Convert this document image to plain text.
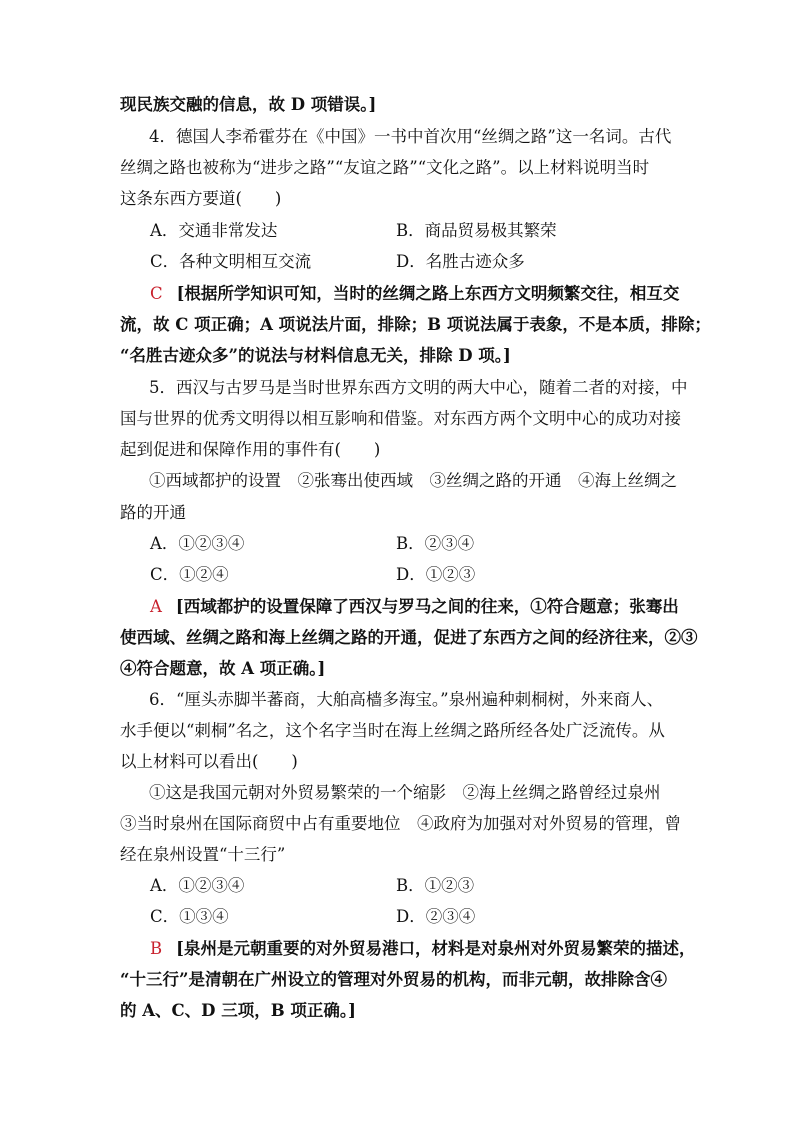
现民族交融的信息，故 D 项错误。]
4．德国人李希霍芬在《中国》一书中首次用“丝绸之路”这一名词。古代
丝绸之路也被称为“进步之路”“友谊之路”“文化之路”。以上材料说明当时
这条东西方要道(　　)
A．交通非常发达	B．商品贸易极其繁荣
C．各种文明相互交流	D．名胜古迹众多
C [根据所学知识可知，当时的丝绸之路上东西方文明频繁交往，相互交
流，故 C 项正确；A 项说法片面，排除；B 项说法属于表象，不是本质，排除；
“名胜古迹众多”的说法与材料信息无关，排除 D 项。]
5．西汉与古罗马是当时世界东西方文明的两大中心，随着二者的对接，中
国与世界的优秀文明得以相互影响和借鉴。对东西方两个文明中心的成功对接
起到促进和保障作用的事件有(　　)
①西域都护的设置　②张骞出使西域　③丝绸之路的开通　④海上丝绸之
路的开通
A．①②③④	B．②③④
C．①②④	D．①②③
A [西域都护的设置保障了西汉与罗马之间的往来，①符合题意；张骞出
使西域、丝绸之路和海上丝绸之路的开通，促进了东西方之间的经济往来，②③
④符合题意，故 A 项正确。]
6．“厘头赤脚半蕃商，大舶高樯多海宝。”泉州遍种刺桐树，外来商人、
水手便以“刺桐”名之，这个名字当时在海上丝绸之路所经各处广泛流传。从
以上材料可以看出(　　)
①这是我国元朝对外贸易繁荣的一个缩影　②海上丝绸之路曾经过泉州
③当时泉州在国际商贸中占有重要地位　④政府为加强对对外贸易的管理，曾
经在泉州设置“十三行”
A．①②③④	B．①②③
C．①③④	D．②③④
B [泉州是元朝重要的对外贸易港口，材料是对泉州对外贸易繁荣的描述，
“十三行”是清朝在广州设立的管理对外贸易的机构，而非元朝，故排除含④
的 A、C、D 三项，B 项正确。]
